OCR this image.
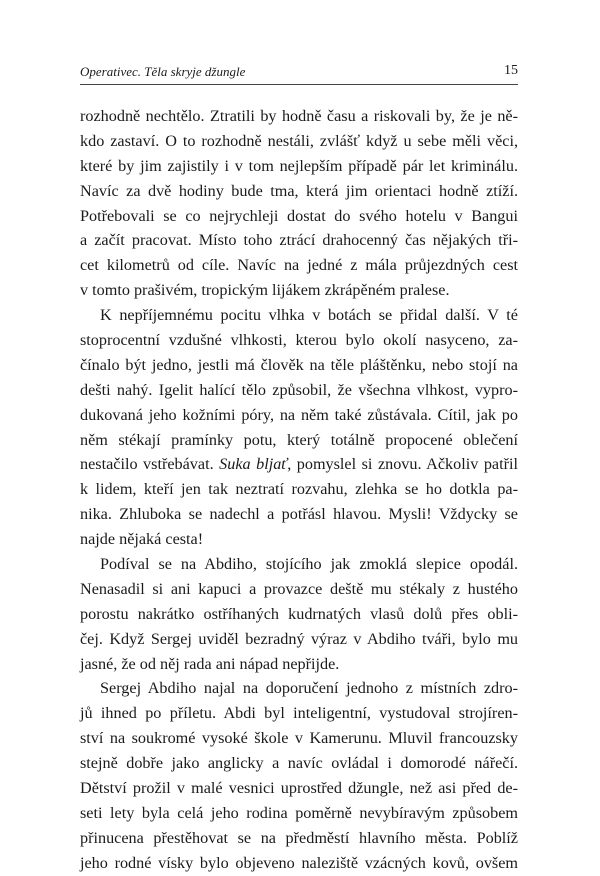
Operativec. Těla skryje džungle	15
rozhodně nechtělo. Ztratili by hodně času a riskovali by, že je ně-
kdo zastaví. O to rozhodně nestáli, zvlášť když u sebe měli věci,
které by jim zajistily i v tom nejlepším případě pár let kriminálu.
Navíc za dvě hodiny bude tma, která jim orientaci hodně ztíží.
Potřebovali se co nejrychleji dostat do svého hotelu v Bangui
a začít pracovat. Místo toho ztrácí drahocenný čas nějakých tři-
cet kilometrů od cíle. Navíc na jedné z mála průjezdných cest
v tomto prašivém, tropickým lijákem zkrápěném pralese.
K nepříjemnému pocitu vlhka v botách se přidal další. V té
stoprocentní vzdušné vlhkosti, kterou bylo okolí nasyceno, za-
čínalo být jedno, jestli má člověk na těle pláštěnku, nebo stojí na
dešti nahý. Igelit halící tělo způsobil, že všechna vlhkost, vypro-
dukovaná jeho kožními póry, na něm také zůstávala. Cítil, jak po
něm stékají pramínky potu, který totálně propocené oblečení
nestačilo vstřebávat. Suka bljať, pomyslel si znovu. Ačkoliv patřil
k lidem, kteří jen tak neztratí rozvahu, zlehka se ho dotkla pa-
nika. Zhluboka se nadechl a potřásl hlavou. Mysli! Vždycky se
najde nějaká cesta!
Podíval se na Abdiho, stojícího jak zmoklá slepice opodál.
Nenasadil si ani kapuci a provazce deště mu stékaly z hustého
porostu nakrátko ostříhaných kudrnatých vlasů dolů přes obli-
čej. Když Sergej uviděl bezradný výraz v Abdiho tváři, bylo mu
jasné, že od něj rada ani nápad nepřijde.
Sergej Abdiho najal na doporučení jednoho z místních zdro-
jů ihned po příletu. Abdi byl inteligentní, vystudoval strojíren-
ství na soukromé vysoké škole v Kamerunu. Mluvil francouzsky
stejně dobře jako anglicky a navíc ovládal i domorodé nářečí.
Dětství prožil v malé vesnici uprostřed džungle, než asi před de-
seti lety byla celá jeho rodina poměrně nevybíravým způsobem
přinucena přestěhovat se na předměstí hlavního města. Poblíž
jeho rodné vísky bylo objeveno naleziště vzácných kovů, ovšem
